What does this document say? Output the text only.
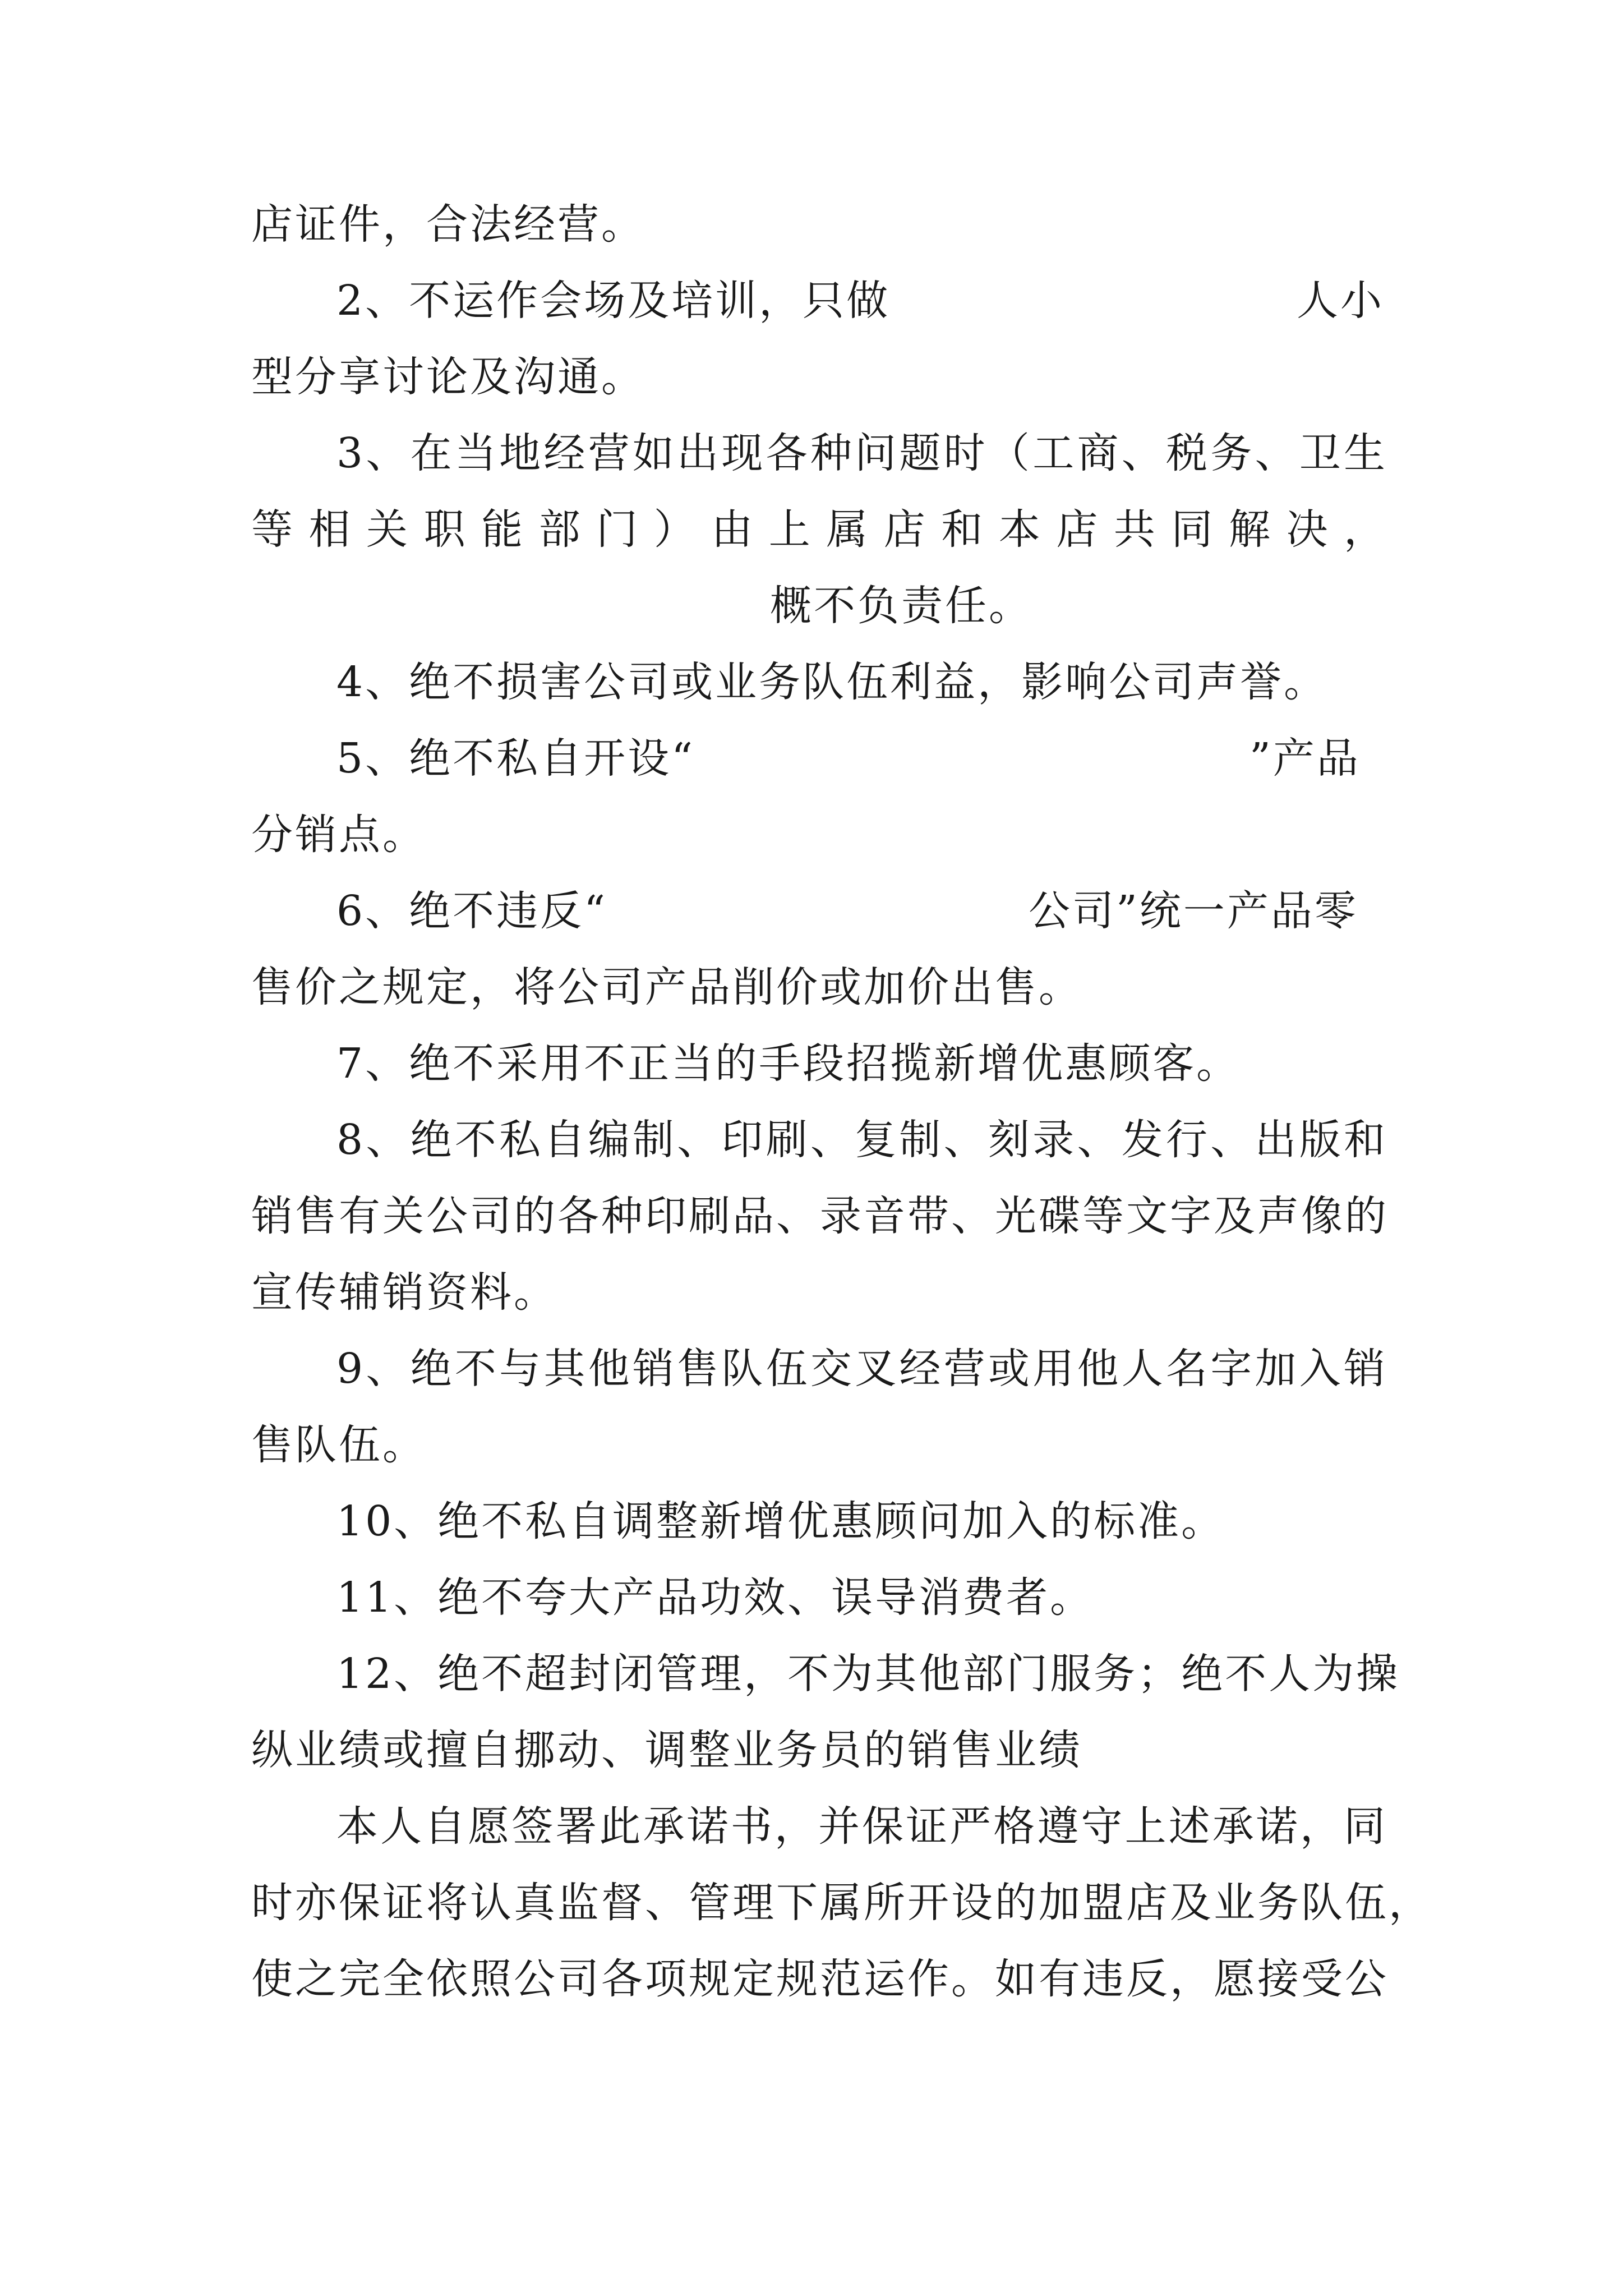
店证件，合法经营。
2、不运作会场及培训，只做	人小
型分享讨论及沟通。
3、在当地经营如出现各种问题时（工商、税务、卫生
等相关职能部门）由上属店和本店共同解决，
概不负责任。
4、绝不损害公司或业务队伍利益，影响公司声誉。
5、绝不私自开设“	”产品
分销点。
6、绝不违反“	公司”统一产品零
售价之规定，将公司产品削价或加价出售。
7、绝不采用不正当的手段招揽新增优惠顾客。
8、绝不私自编制、印刷、复制、刻录、发行、出版和
销售有关公司的各种印刷品、录音带、光碟等文字及声像的
宣传辅销资料。
9、绝不与其他销售队伍交叉经营或用他人名字加入销
售队伍。
10、绝不私自调整新增优惠顾问加入的标准。
11、绝不夸大产品功效、误导消费者。
12、绝不超封闭管理，不为其他部门服务；绝不人为操
纵业绩或擅自挪动、调整业务员的销售业绩
本人自愿签署此承诺书，并保证严格遵守上述承诺，同
时亦保证将认真监督、管理下属所开设的加盟店及业务队伍，
使之完全依照公司各项规定规范运作。如有违反，愿接受公
